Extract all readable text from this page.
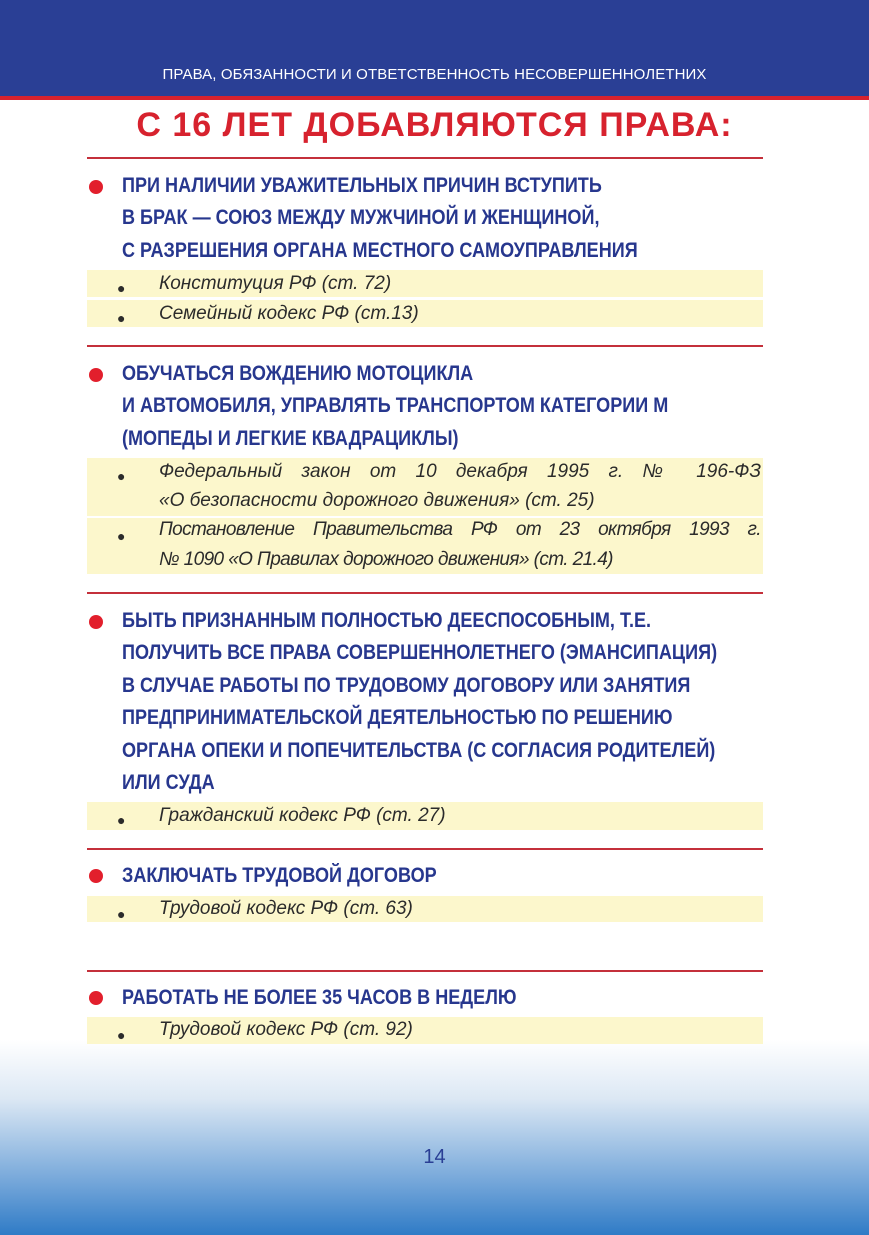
ПРАВА, ОБЯЗАННОСТИ И ОТВЕТСТВЕННОСТЬ НЕСОВЕРШЕННОЛЕТНИХ
С 16 ЛЕТ ДОБАВЛЯЮТСЯ ПРАВА:
ПРИ НАЛИЧИИ УВАЖИТЕЛЬНЫХ ПРИЧИН ВСТУПИТЬ
В БРАК — СОЮЗ МЕЖДУ МУЖЧИНОЙ И ЖЕНЩИНОЙ,
С РАЗРЕШЕНИЯ ОРГАНА МЕСТНОГО САМОУПРАВЛЕНИЯ
● Конституция РФ (ст. 72)
● Семейный кодекс РФ (ст.13)
ОБУЧАТЬСЯ ВОЖДЕНИЮ МОТОЦИКЛА
И АВТОМОБИЛЯ, УПРАВЛЯТЬ ТРАНСПОРТОМ КАТЕГОРИИ М
(МОПЕДЫ И ЛЕГКИЕ КВАДРАЦИКЛЫ)
● Федеральный закон от 10 декабря 1995 г. № 196-ФЗ
«О безопасности дорожного движения» (ст. 25)
● Постановление Правительства РФ от 23 октября 1993 г.
№ 1090 «О Правилах дорожного движения» (ст. 21.4)
БЫТЬ ПРИЗНАННЫМ ПОЛНОСТЬЮ ДЕЕСПОСОБНЫМ, Т.Е.
ПОЛУЧИТЬ ВСЕ ПРАВА СОВЕРШЕННОЛЕТНЕГО (ЭМАНСИПАЦИЯ)
В СЛУЧАЕ РАБОТЫ ПО ТРУДОВОМУ ДОГОВОРУ ИЛИ ЗАНЯТИЯ
ПРЕДПРИНИМАТЕЛЬСКОЙ ДЕЯТЕЛЬНОСТЬЮ ПО РЕШЕНИЮ
ОРГАНА ОПЕКИ И ПОПЕЧИТЕЛЬСТВА (С СОГЛАСИЯ РОДИТЕЛЕЙ)
ИЛИ СУДА
● Гражданский кодекс РФ (ст. 27)
ЗАКЛЮЧАТЬ ТРУДОВОЙ ДОГОВОР
● Трудовой кодекс РФ (ст. 63)
РАБОТАТЬ НЕ БОЛЕЕ 35 ЧАСОВ В НЕДЕЛЮ
● Трудовой кодекс РФ (ст. 92)
14
